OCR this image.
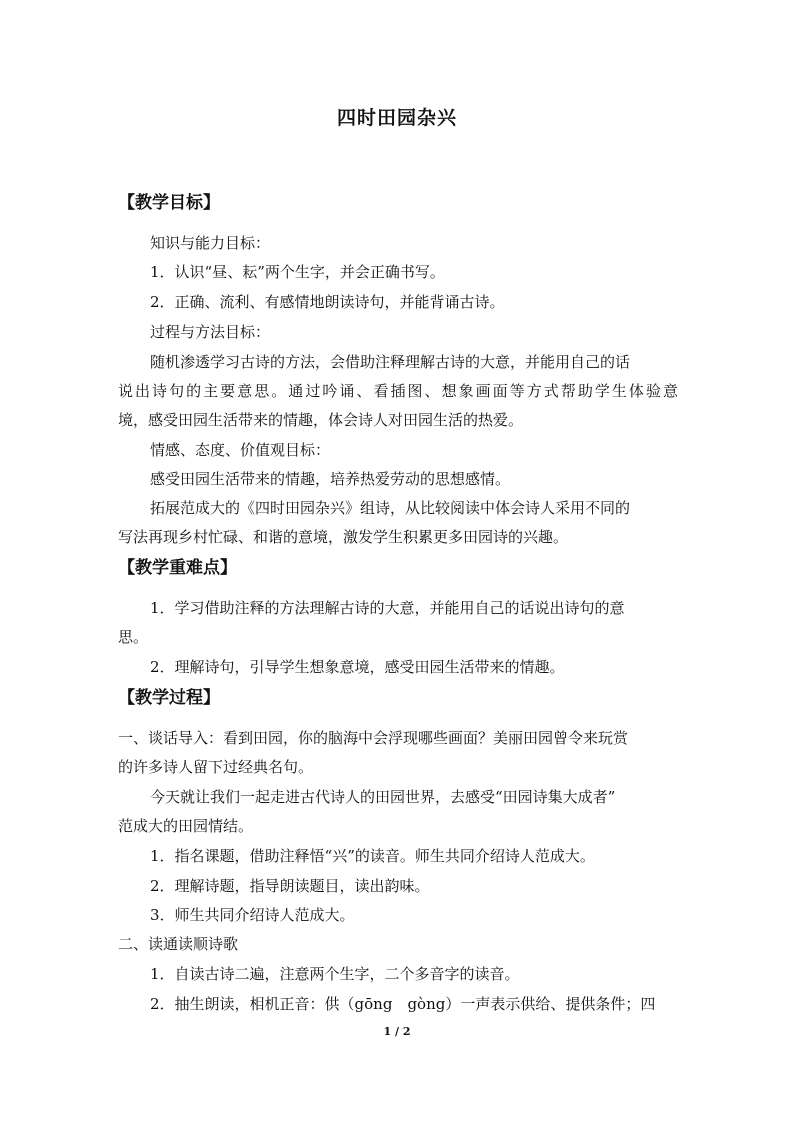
四时田园杂兴
【教学目标】
知识与能力目标：
1．认识“昼、耘”两个生字，并会正确书写。
2．正确、流利、有感情地朗读诗句，并能背诵古诗。
过程与方法目标：
随机渗透学习古诗的方法，会借助注释理解古诗的大意，并能用自己的话
说出诗句的主要意思。通过吟诵、看插图、想象画面等方式帮助学生体验意
境，感受田园生活带来的情趣，体会诗人对田园生活的热爱。
情感、态度、价值观目标：
感受田园生活带来的情趣，培养热爱劳动的思想感情。
拓展范成大的《四时田园杂兴》组诗，从比较阅读中体会诗人采用不同的
写法再现乡村忙碌、和谐的意境，激发学生积累更多田园诗的兴趣。
【教学重难点】
1．学习借助注释的方法理解古诗的大意，并能用自己的话说出诗句的意
思。
2．理解诗句，引导学生想象意境，感受田园生活带来的情趣。
【教学过程】
一、谈话导入：看到田园，你的脑海中会浮现哪些画面？美丽田园曾令来玩赏
的许多诗人留下过经典名句。
今天就让我们一起走进古代诗人的田园世界，去感受“田园诗集大成者”
范成大的田园情结。
1．指名课题，借助注释悟“兴”的读音。师生共同介绍诗人范成大。
2．理解诗题，指导朗读题目，读出韵味。
3．师生共同介绍诗人范成大。
二、读通读顺诗歌
1．自读古诗二遍，注意两个生字，二个多音字的读音。
2．抽生朗读，相机正音：供（gōng　gòng）一声表示供给、提供条件；四
1 / 2
